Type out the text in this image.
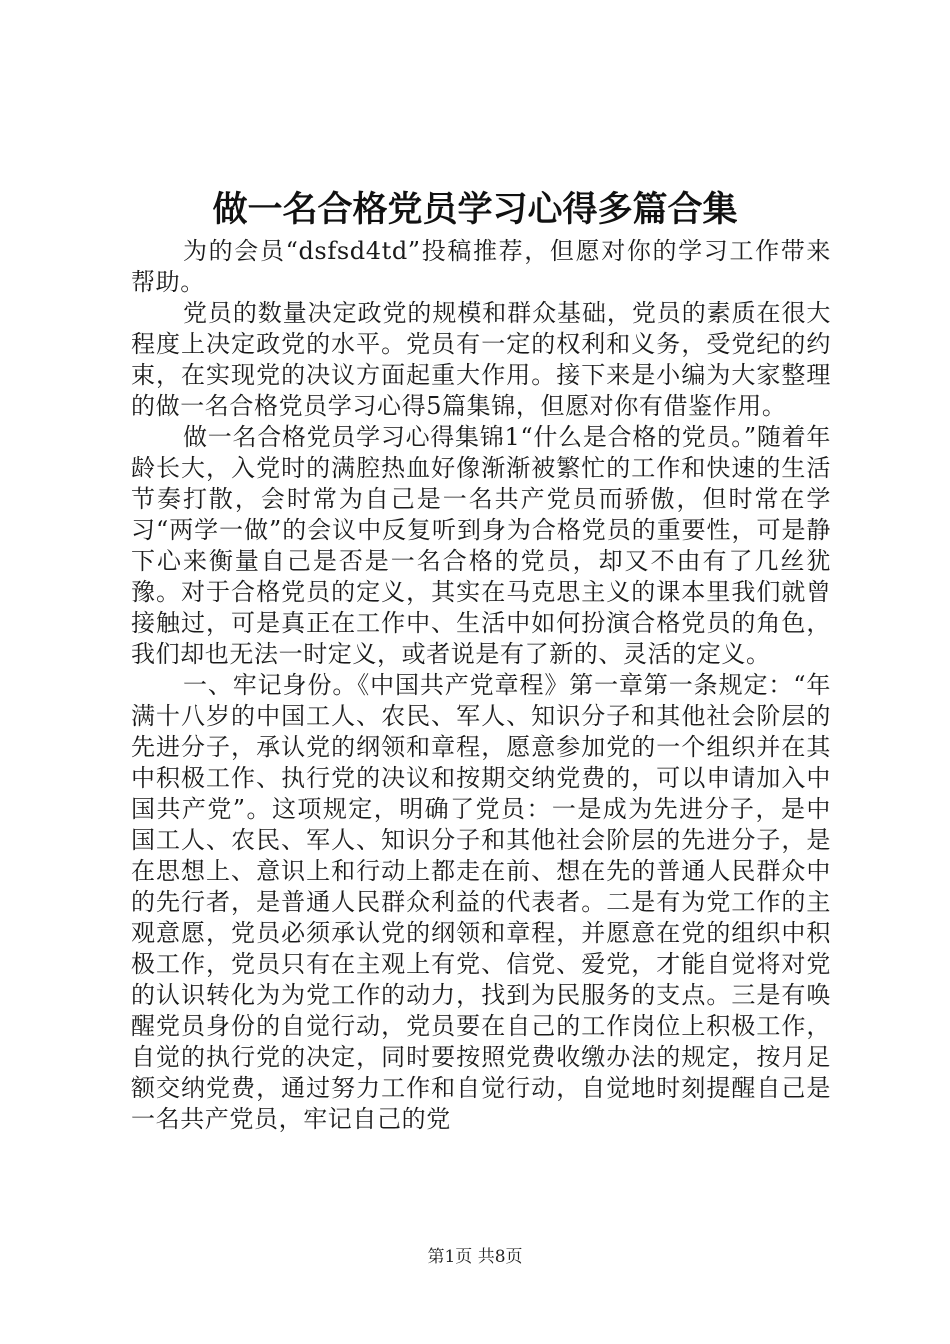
做一名合格党员学习心得多篇合集

为的会员“dsfsd4td”投稿推荐，但愿对你的学习工作带来帮助。

党员的数量决定政党的规模和群众基础，党员的素质在很大程度上决定政党的水平。党员有一定的权利和义务，受党纪的约束，在实现党的决议方面起重大作用。接下来是小编为大家整理的做一名合格党员学习心得5篇集锦，但愿对你有借鉴作用。

做一名合格党员学习心得集锦1“什么是合格的党员。”随着年龄长大，入党时的满腔热血好像渐渐被繁忙的工作和快速的生活节奏打散，会时常为自己是一名共产党员而骄傲，但时常在学习“两学一做”的会议中反复听到身为合格党员的重要性，可是静下心来衡量自己是否是一名合格的党员，却又不由有了几丝犹豫。对于合格党员的定义，其实在马克思主义的课本里我们就曾接触过，可是真正在工作中、生活中如何扮演合格党员的角色，我们却也无法一时定义，或者说是有了新的、灵活的定义。

一、牢记身份。《中国共产党章程》第一章第一条规定：“年满十八岁的中国工人、农民、军人、知识分子和其他社会阶层的先进分子，承认党的纲领和章程，愿意参加党的一个组织并在其中积极工作、执行党的决议和按期交纳党费的，可以申请加入中国共产党”。这项规定，明确了党员：一是成为先进分子，是中国工人、农民、军人、知识分子和其他社会阶层的先进分子，是在思想上、意识上和行动上都走在前、想在先的普通人民群众中的先行者，是普通人民群众利益的代表者。二是有为党工作的主观意愿，党员必须承认党的纲领和章程，并愿意在党的组织中积极工作，党员只有在主观上有党、信党、爱党，才能自觉将对党的认识转化为为党工作的动力，找到为民服务的支点。三是有唤醒党员身份的自觉行动，党员要在自己的工作岗位上积极工作，自觉的执行党的决定，同时要按照党费收缴办法的规定，按月足额交纳党费，通过努力工作和自觉行动，自觉地时刻提醒自己是一名共产党员，牢记自己的党

第1页 共8页
